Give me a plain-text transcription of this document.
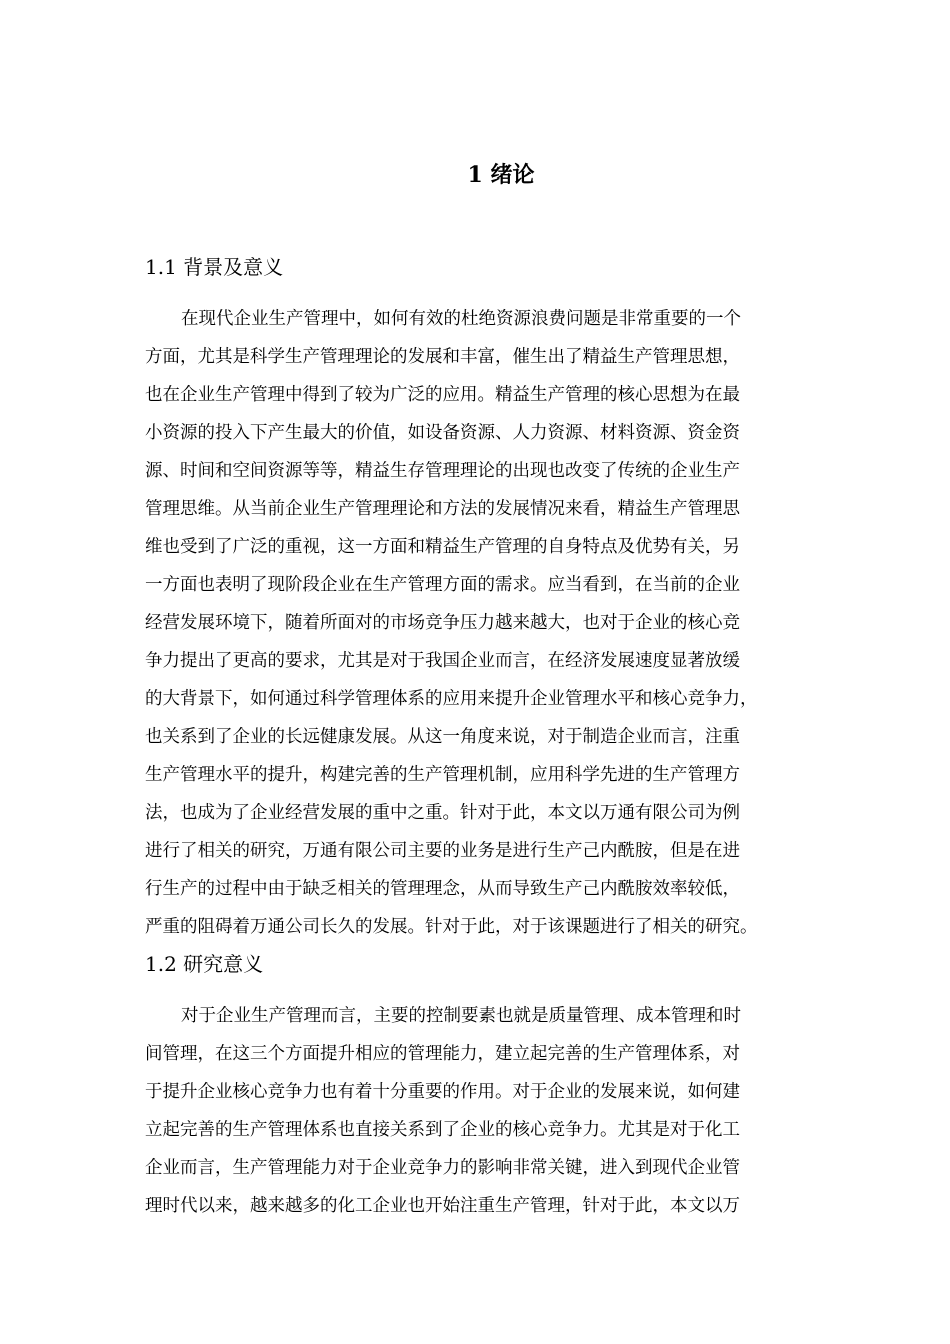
1 绪论
1.1 背景及意义
在现代企业生产管理中，如何有效的杜绝资源浪费问题是非常重要的一个
方面，尤其是科学生产管理理论的发展和丰富，催生出了精益生产管理思想，
也在企业生产管理中得到了较为广泛的应用。精益生产管理的核心思想为在最
小资源的投入下产生最大的价值，如设备资源、人力资源、材料资源、资金资
源、时间和空间资源等等，精益生存管理理论的出现也改变了传统的企业生产
管理思维。从当前企业生产管理理论和方法的发展情况来看，精益生产管理思
维也受到了广泛的重视，这一方面和精益生产管理的自身特点及优势有关，另
一方面也表明了现阶段企业在生产管理方面的需求。应当看到，在当前的企业
经营发展环境下，随着所面对的市场竞争压力越来越大，也对于企业的核心竞
争力提出了更高的要求，尤其是对于我国企业而言，在经济发展速度显著放缓
的大背景下，如何通过科学管理体系的应用来提升企业管理水平和核心竞争力，
也关系到了企业的长远健康发展。从这一角度来说，对于制造企业而言，注重
生产管理水平的提升，构建完善的生产管理机制，应用科学先进的生产管理方
法，也成为了企业经营发展的重中之重。针对于此，本文以万通有限公司为例
进行了相关的研究，万通有限公司主要的业务是进行生产己内酰胺，但是在进
行生产的过程中由于缺乏相关的管理理念，从而导致生产己内酰胺效率较低，
严重的阻碍着万通公司长久的发展。针对于此，对于该课题进行了相关的研究。
1.2 研究意义
对于企业生产管理而言，主要的控制要素也就是质量管理、成本管理和时
间管理，在这三个方面提升相应的管理能力，建立起完善的生产管理体系，对
于提升企业核心竞争力也有着十分重要的作用。对于企业的发展来说，如何建
立起完善的生产管理体系也直接关系到了企业的核心竞争力。尤其是对于化工
企业而言，生产管理能力对于企业竞争力的影响非常关键，进入到现代企业管
理时代以来，越来越多的化工企业也开始注重生产管理，针对于此，本文以万
